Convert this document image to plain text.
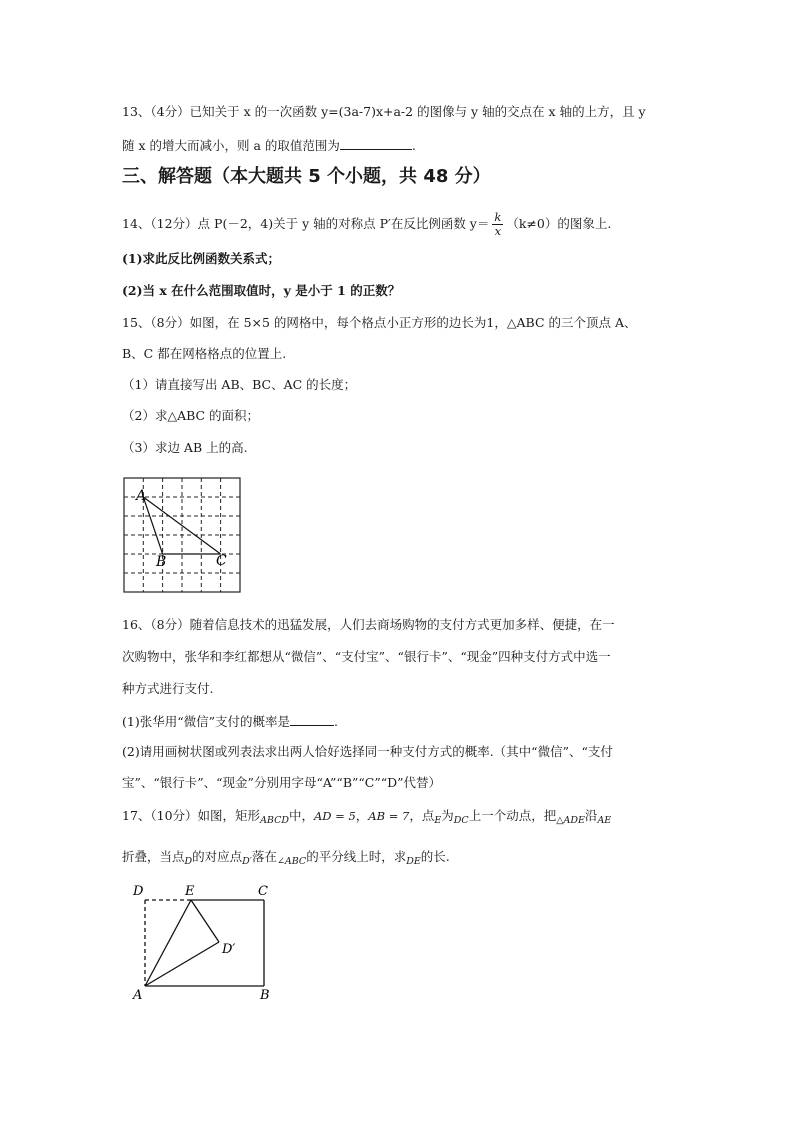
13、（4分）已知关于 x 的一次函数 y=(3a-7)x+a-2 的图像与 y 轴的交点在 x 轴的上方，且 y
随 x 的增大而减小，则 a 的取值范围为	.
三、解答题（本大题共 5 个小题，共 48 分）
14、（12分）点 P(－2，4)关于 y 轴的对称点 P′在反比例函数 $y= \frac{k}{x} (k\ne 0)$的图象上.
(1)求此反比例函数关系式；
(2)当 x 在什么范围取值时，y 是小于 1 的正数？
15、（8分）如图，在 5×5 的网格中，每个格点小正方形的边长为1，△ABC 的三个顶点 A、
B、C 都在网格格点的位置上.
（1）请直接写出 AB、BC、AC 的长度；
（2）求△ABC 的面积；
（3）求边 AB 上的高.
A
B	C
16、（8分）随着信息技术的迅猛发展，人们去商场购物的支付方式更加多样、便捷，在一
次购物中，张华和李红都想从“微信”、“支付宝”、“银行卡”、“现金”四种支付方式中选一
种方式进行支付.
(1)张华用“微信”支付的概率是	.
(2)请用画树状图或列表法求出两人恰好选择同一种支付方式的概率.（其中“微信”、“支付
宝”、“银行卡”、“现金”分别用字母“A”“B”“C”“D”代替）
17、（10分）如图，矩形$_{ABCD}$中，AD = 5，AB = 7，点$_E$为$_{DC}$上一个动点，把$_{\triangle ADE}$沿$_{AE}$
折叠，当点$_D$的对应点$_{D'}$落在$_{\angle ABC}$的平分线上时，求$_{DE}$的长.
D	E	C
D′
A	B
